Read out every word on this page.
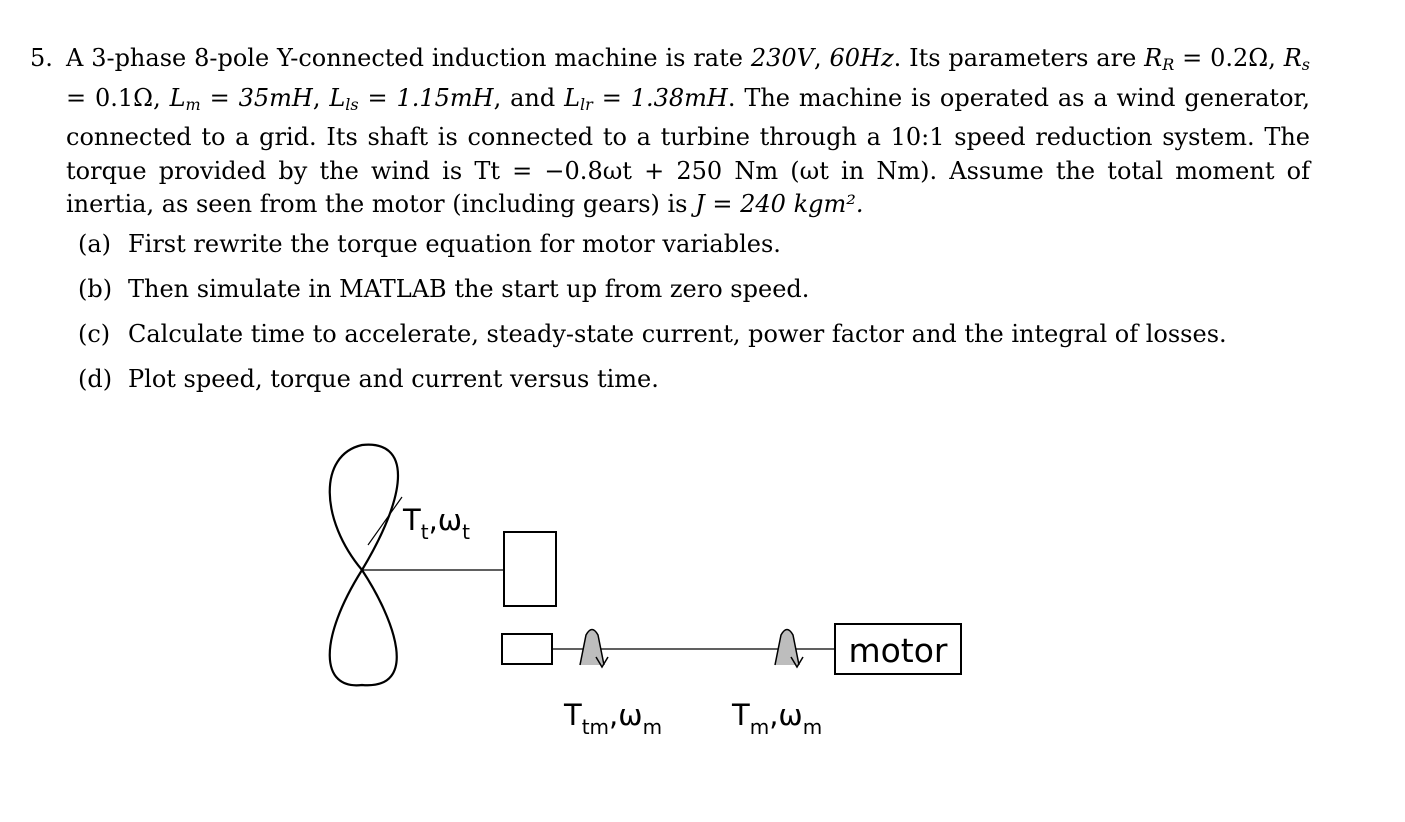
5. A 3-phase 8-pole Y-connected induction machine is rate 230V, 60Hz. Its parameters are $R_R = 0.2\Omega$, $R_s = 0.1\Omega$, $L_m = 35mH$, $L_{ls} = 1.15mH$, and $L_{lr} = 1.38mH$. The machine is operated as a wind generator, connected to a grid. Its shaft is connected to a turbine through a 10:1 speed reduction system. The torque provided by the wind is Tt = −0.8ωt + 250 Nm (ωt in Nm). Assume the total moment of inertia, as seen from the motor (including gears) is J = 240 kgm².
(a) First rewrite the torque equation for motor variables.
(b) Then simulate in MATLAB the start up from zero speed.
(c) Calculate time to accelerate, steady-state current, power factor and the integral of losses.
(d) Plot speed, torque and current versus time.
motor
$T_t,\omega_t$
$T_{tm},\omega_m$ $T_m,\omega_m$
